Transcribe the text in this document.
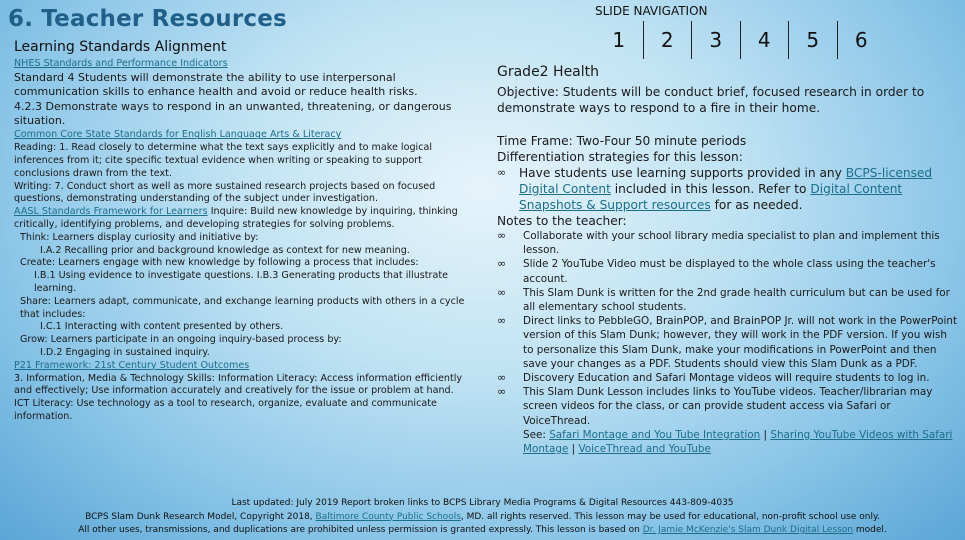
6. Teacher Resources
Learning Standards Alignment
SLIDE NAVIGATION
1	2	3	4	5	6

NHES Standards and Performance Indicators

Standard 4 Students will demonstrate the ability to use interpersonal communication skills to enhance health and avoid or reduce health risks.

4.2.3 Demonstrate ways to respond in an unwanted, threatening, or dangerous situation.

Common Core State Standards for English Language Arts & Literacy

Reading: 1. Read closely to determine what the text says explicitly and to make logical inferences from it; cite specific textual evidence when writing or speaking to support conclusions drawn from the text.

Writing: 7. Conduct short as well as more sustained research projects based on focused questions, demonstrating understanding of the subject under investigation.

AASL Standards Framework for Learners Inquire: Build new knowledge by inquiring, thinking critically, identifying problems, and developing strategies for solving problems.

Think: Learners display curiosity and initiative by:

I.A.2 Recalling prior and background knowledge as context for new meaning.

Create: Learners engage with new knowledge by following a process that includes:

I.B.1 Using evidence to investigate questions. I.B.3 Generating products that illustrate learning.

Share: Learners adapt, communicate, and exchange learning products with others in a cycle that includes:

I.C.1 Interacting with content presented by others.

Grow: Learners participate in an ongoing inquiry-based process by:

I.D.2 Engaging in sustained inquiry.

P21 Framework: 21st Century Student Outcomes

3. Information, Media & Technology Skills: Information Literacy: Access information efficiently and effectively; Use information accurately and creatively for the issue or problem at hand.

ICT Literacy: Use technology as a tool to research, organize, evaluate and communicate information.

Grade2 Health

Objective: Students will be conduct brief, focused research in order to demonstrate ways to respond to a fire in their home.

Time Frame: Two-Four 50 minute periods

Differentiation strategies for this lesson:

∞ Have students use learning supports provided in any BCPS-licensed Digital Content included in this lesson. Refer to Digital Content Snapshots & Support resources for as needed.

Notes to the teacher:

∞ Collaborate with your school library media specialist to plan and implement this lesson.

∞ Slide 2 YouTube Video must be displayed to the whole class using the teacher's account.

∞ This Slam Dunk is written for the 2nd grade health curriculum but can be used for all elementary school students.

∞ Direct links to PebbleGO, BrainPOP, and BrainPOP Jr. will not work in the PowerPoint version of this Slam Dunk; however, they will work in the PDF version. If you wish to personalize this Slam Dunk, make your modifications in PowerPoint and then save your changes as a PDF. Students should view this Slam Dunk as a PDF.

∞ Discovery Education and Safari Montage videos will require students to log in.

∞ This Slam Dunk Lesson includes links to YouTube videos. Teacher/librarian may screen videos for the class, or can provide student access via Safari or VoiceThread.
See: Safari Montage and You Tube Integration | Sharing YouTube Videos with Safari Montage | VoiceThread and YouTube

Last updated: July 2019 Report broken links to BCPS Library Media Programs & Digital Resources 443-809-4035
BCPS Slam Dunk Research Model, Copyright 2018, Baltimore County Public Schools, MD. all rights reserved. This lesson may be used for educational, non-profit school use only.
All other uses, transmissions, and duplications are prohibited unless permission is granted expressly. This lesson is based on Dr. Jamie McKenzie's Slam Dunk Digital Lesson model.
